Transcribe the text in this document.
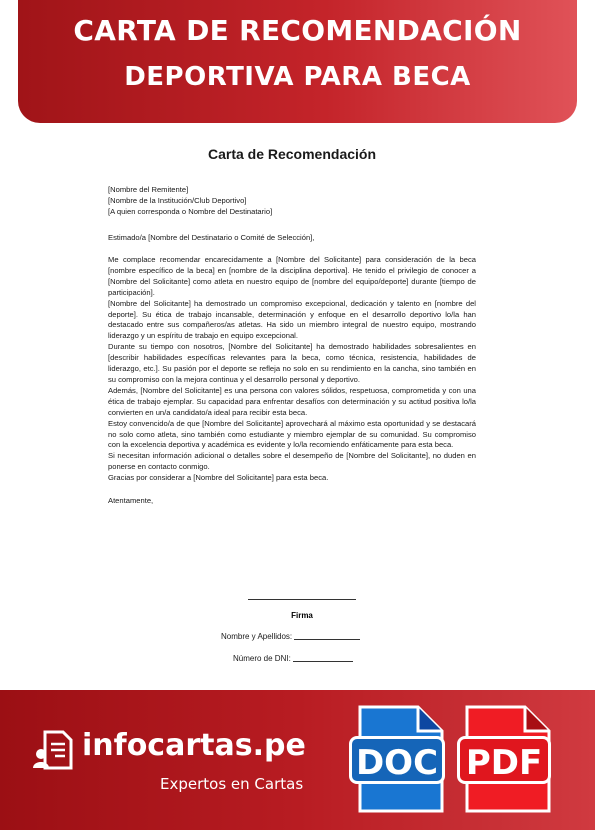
CARTA DE RECOMENDACIÓN
DEPORTIVA PARA BECA
Carta de Recomendación
[Nombre del Remitente]
[Nombre de la Institución/Club Deportivo]
[A quien corresponda o Nombre del Destinatario]
Estimado/a [Nombre del Destinatario o Comité de Selección],

Me complace recomendar encarecidamente a [Nombre del Solicitante] para consideración de la beca [nombre específico de la beca] en [nombre de la disciplina deportiva]. He tenido el privilegio de conocer a [Nombre del Solicitante] como atleta en nuestro equipo de [nombre del equipo/deporte] durante [tiempo de participación].

[Nombre del Solicitante] ha demostrado un compromiso excepcional, dedicación y talento en [nombre del deporte]. Su ética de trabajo incansable, determinación y enfoque en el desarrollo deportivo lo/la han destacado entre sus compañeros/as atletas. Ha sido un miembro integral de nuestro equipo, mostrando liderazgo y un espíritu de trabajo en equipo excepcional.

Durante su tiempo con nosotros, [Nombre del Solicitante] ha demostrado habilidades sobresalientes en [describir habilidades específicas relevantes para la beca, como técnica, resistencia, habilidades de liderazgo, etc.]. Su pasión por el deporte se refleja no solo en su rendimiento en la cancha, sino también en su compromiso con la mejora continua y el desarrollo personal y deportivo.

Además, [Nombre del Solicitante] es una persona con valores sólidos, respetuosa, comprometida y con una ética de trabajo ejemplar. Su capacidad para enfrentar desafíos con determinación y su actitud positiva lo/la convierten en un/a candidato/a ideal para recibir esta beca.

Estoy convencido/a de que [Nombre del Solicitante] aprovechará al máximo esta oportunidad y se destacará no solo como atleta, sino también como estudiante y miembro ejemplar de su comunidad. Su compromiso con la excelencia deportiva y académica es evidente y lo/la recomiendo enfáticamente para esta beca.

Si necesitan información adicional o detalles sobre el desempeño de [Nombre del Solicitante], no duden en ponerse en contacto conmigo.

Gracias por considerar a [Nombre del Solicitante] para esta beca.

Atentamente,
Firma
Nombre y Apellidos:
Número de DNI:
infocartas.pe
Expertos en Cartas
DOC PDF
